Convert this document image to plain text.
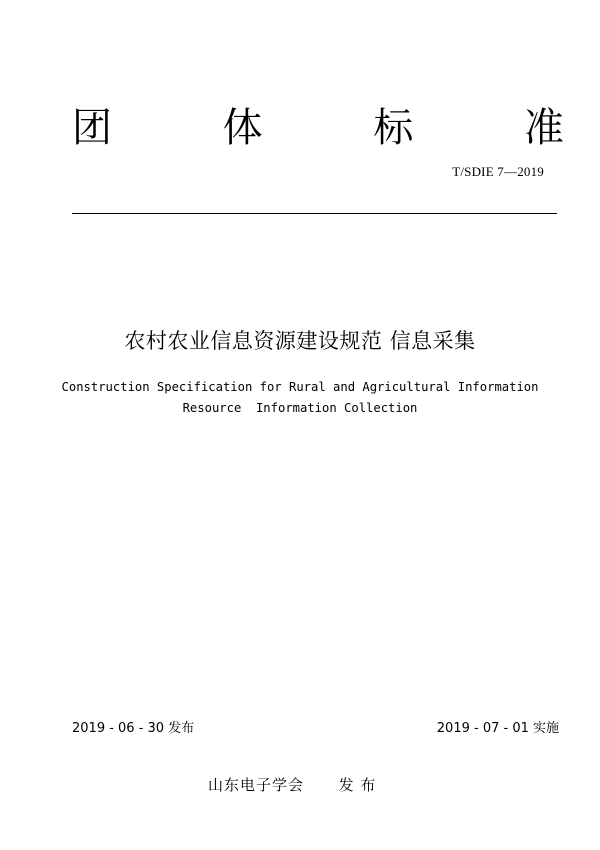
团	体	标	准
T/SDIE 7—2019
农村农业信息资源建设规范 信息采集
Construction Specification for Rural and Agricultural Information
Resource  Information Collection
2019 - 06 - 30 发布	2019 - 07 - 01 实施
山东电子学会 发 布
